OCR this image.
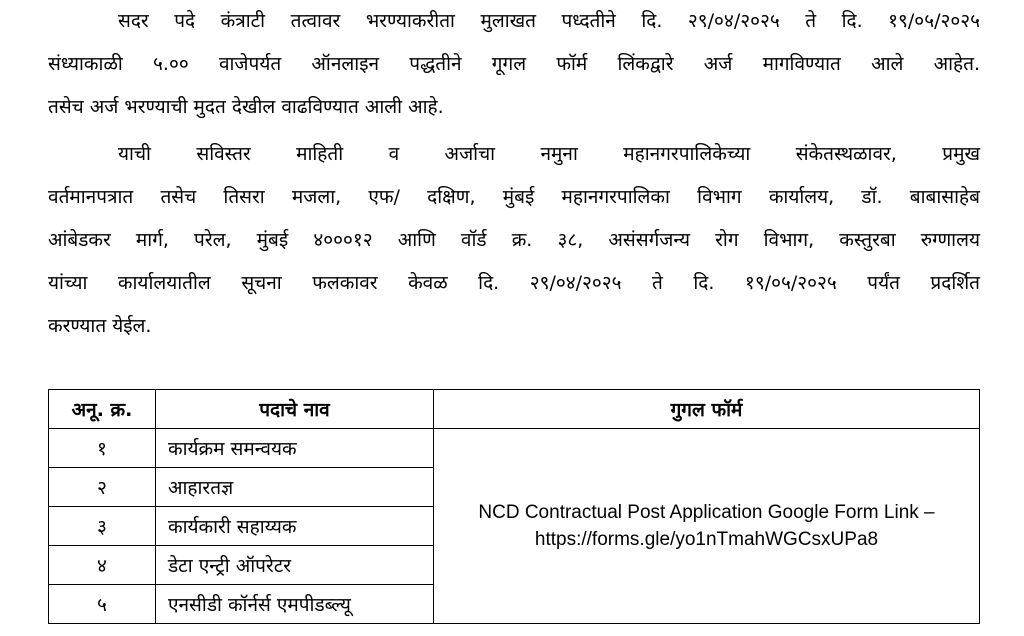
सदर पदे कंत्राटी तत्वावर भरण्याकरीता मुलाखत पध्दतीने दि. २९/०४/२०२५ ते दि. १९/०५/२०२५
संध्याकाळी ५.०० वाजेपर्यत ऑनलाइन पद्धतीने गूगल फॉर्म लिंकद्वारे अर्ज मागविण्यात आले आहेत.
तसेच अर्ज भरण्याची मुदत देखील वाढविण्यात आली आहे.
याची सविस्तर माहिती व अर्जाचा नमुना महानगरपालिकेच्या संकेतस्थळावर, प्रमुख
वर्तमानपत्रात तसेच तिसरा मजला, एफ/ दक्षिण, मुंबई महानगरपालिका विभाग कार्यालय, डॉ. बाबासाहेब
आंबेडकर मार्ग, परेल, मुंबई ४०००१२ आणि वॉर्ड क्र. ३८, असंसर्गजन्य रोग विभाग, कस्तुरबा रुग्णालय
यांच्या कार्यालयातील सूचना फलकावर केवळ दि. २९/०४/२०२५ ते दि. १९/०५/२०२५ पर्यंत प्रदर्शित
करण्यात येईल.
अनू. क्र.	पदाचे नाव	गुगल फॉर्म
१	कार्यक्रम समन्वयक	NCD Contractual Post Application Google Form Link –
https://forms.gle/yo1nTmahWGCsxUPa8

२	आहारतज्ञ	
३	कार्यकारी सहाय्यक	
४	डेटा एन्ट्री ऑपरेटर	
५	एनसीडी कॉर्नर्स एमपीडब्ल्यू	
